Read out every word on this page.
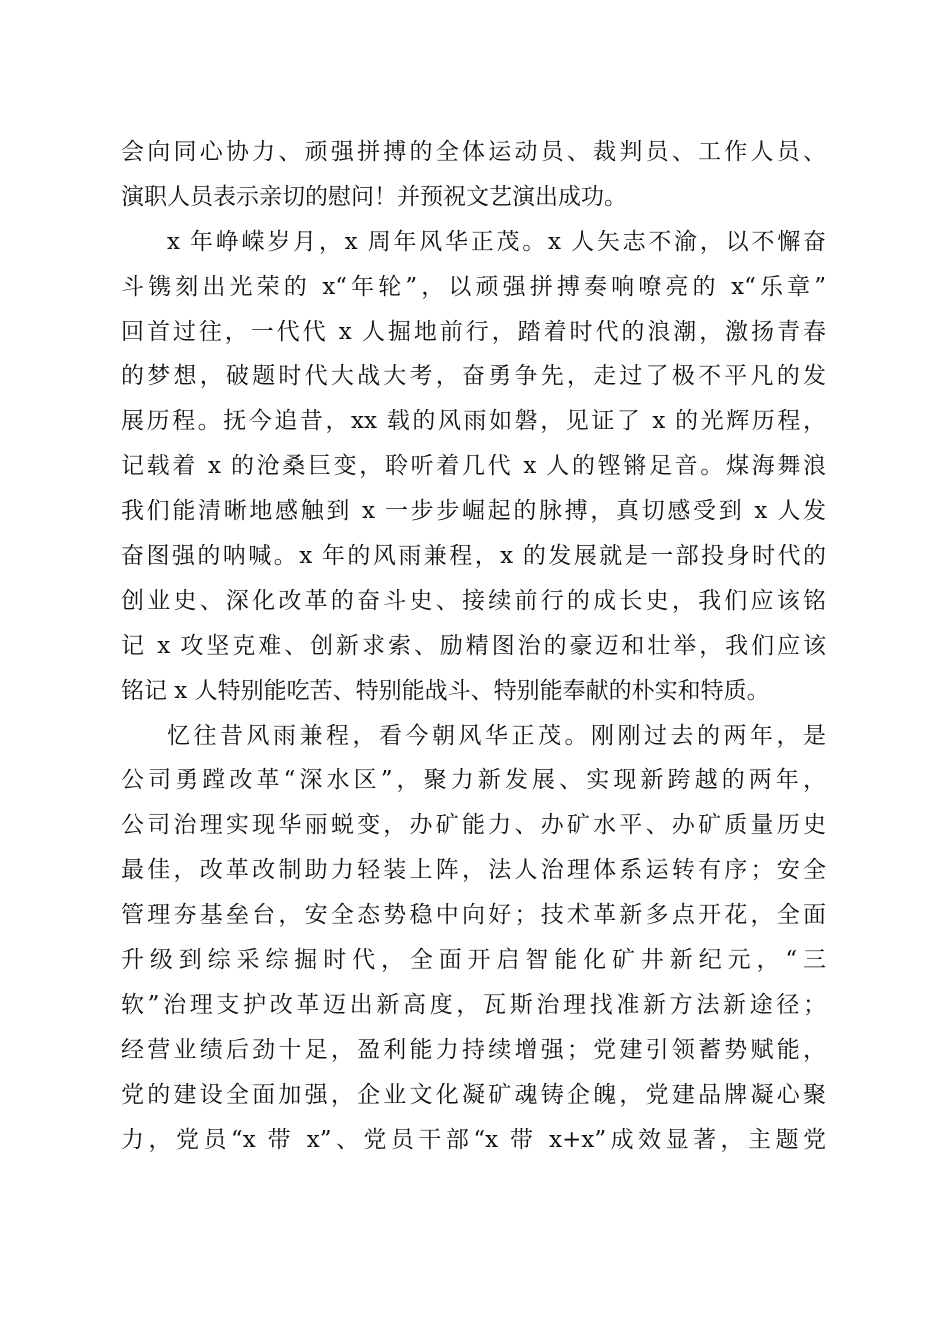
会向同心协力、顽强拼搏的全体运动员、裁判员、工作人员、
演职人员表示亲切的慰问！并预祝文艺演出成功。
x 年峥嵘岁月，x 周年风华正茂。x 人矢志不渝，以不懈奋
斗镌刻出光荣的 x“年轮”，以顽强拼搏奏响嘹亮的 x“乐章”
回首过往，一代代 x 人掘地前行，踏着时代的浪潮，激扬青春
的梦想，破题时代大战大考，奋勇争先，走过了极不平凡的发
展历程。抚今追昔，xx 载的风雨如磐，见证了 x 的光辉历程，
记载着 x 的沧桑巨变，聆听着几代 x 人的铿锵足音。煤海舞浪
我们能清晰地感触到 x 一步步崛起的脉搏，真切感受到 x 人发
奋图强的呐喊。x 年的风雨兼程，x 的发展就是一部投身时代的
创业史、深化改革的奋斗史、接续前行的成长史，我们应该铭
记 x 攻坚克难、创新求索、励精图治的豪迈和壮举，我们应该
铭记 x 人特别能吃苦、特别能战斗、特别能奉献的朴实和特质。
忆往昔风雨兼程，看今朝风华正茂。刚刚过去的两年，是
公司勇蹚改革“深水区”，聚力新发展、实现新跨越的两年，
公司治理实现华丽蜕变，办矿能力、办矿水平、办矿质量历史
最佳，改革改制助力轻装上阵，法人治理体系运转有序；安全
管理夯基垒台，安全态势稳中向好；技术革新多点开花，全面
升级到综采综掘时代，全面开启智能化矿井新纪元，“三
软”治理支护改革迈出新高度，瓦斯治理找准新方法新途径；
经营业绩后劲十足，盈利能力持续增强；党建引领蓄势赋能，
党的建设全面加强，企业文化凝矿魂铸企魄，党建品牌凝心聚
力，党员“x 带 x”、党员干部“x 带 x+x”成效显著，主题党
